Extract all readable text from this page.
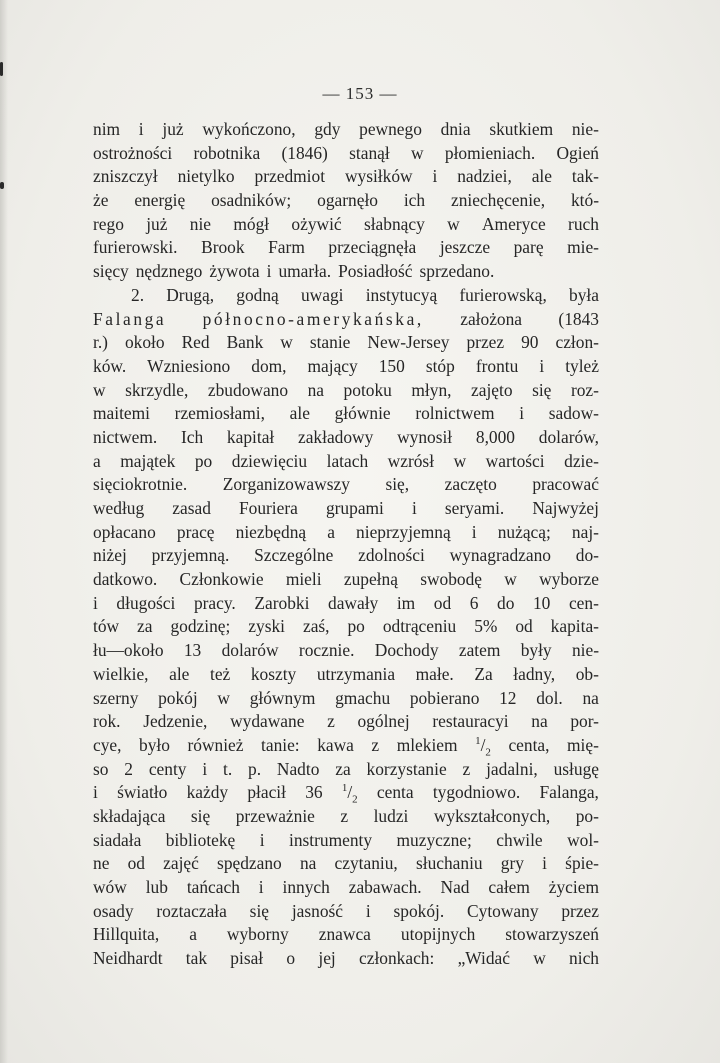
— 153 —
nim i już wykończono, gdy pewnego dnia skutkiem nie-
ostrożności robotnika (1846) stanął w płomieniach. Ogień
zniszczył nietylko przedmiot wysiłków i nadziei, ale tak-
że energię osadników; ogarnęło ich zniechęcenie, któ-
rego już nie mógł ożywić słabnący w Ameryce ruch
furierowski. Brook Farm przeciągnęła jeszcze parę mie-
sięcy nędznego żywota i umarła. Posiadłość sprzedano.
2. Drugą, godną uwagi instytucyą furierowską, była
Falanga północno-amerykańska, założona (1843
r.) około Red Bank w stanie New-Jersey przez 90 człon-
ków. Wzniesiono dom, mający 150 stóp frontu i tyleż
w skrzydle, zbudowano na potoku młyn, zajęto się roz-
maitemi rzemiosłami, ale głównie rolnictwem i sadow-
nictwem. Ich kapitał zakładowy wynosił 8,000 dolarów,
a majątek po dziewięciu latach wzrósł w wartości dzie-
sięciokrotnie. Zorganizowawszy się, zaczęto pracować
według zasad Fouriera grupami i seryami. Najwyżej
opłacano pracę niezbędną a nieprzyjemną i nużącą; naj-
niżej przyjemną. Szczególne zdolności wynagradzano do-
datkowo. Członkowie mieli zupełną swobodę w wyborze
i długości pracy. Zarobki dawały im od 6 do 10 cen-
tów za godzinę; zyski zaś, po odtrąceniu 5% od kapita-
łu—około 13 dolarów rocznie. Dochody zatem były nie-
wielkie, ale też koszty utrzymania małe. Za ładny, ob-
szerny pokój w głównym gmachu pobierano 12 dol. na
rok. Jedzenie, wydawane z ogólnej restauracyi na por-
cye, było również tanie: kawa z mlekiem $^1/_2$ centa, mię-
so 2 centy i t. p. Nadto za korzystanie z jadalni, usługę
i światło każdy płacił 36 $^1/_2$ centa tygodniowo. Falanga,
składająca się przeważnie z ludzi wykształconych, po-
siadała bibliotekę i instrumenty muzyczne; chwile wol-
ne od zajęć spędzano na czytaniu, słuchaniu gry i śpie-
wów lub tańcach i innych zabawach. Nad całem życiem
osady roztaczała się jasność i spokój. Cytowany przez
Hillquita, a wyborny znawca utopijnych stowarzyszeń
Neidhardt tak pisał o jej członkach: „Widać w nich
